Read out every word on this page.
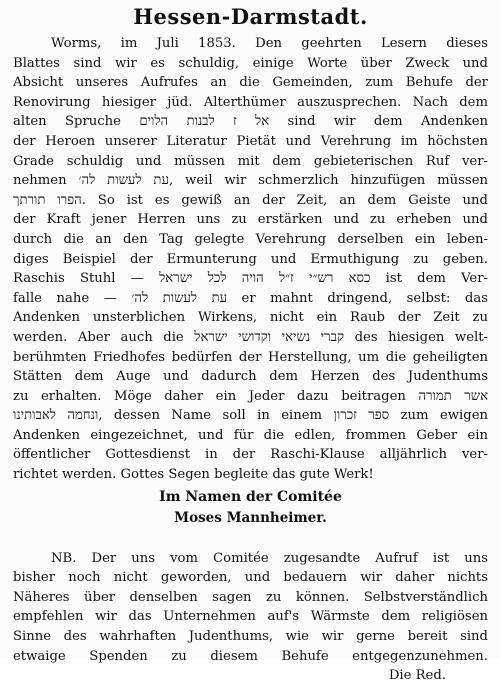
Hessen-Darmstadt.
Worms, im Juli 1853. Den geehrten Lesern dieses
Blattes sind wir es schuldig, einige Worte über Zweck und
Absicht unseres Aufrufes an die Gemeinden, zum Behufe der
Renovirung hiesiger jüd. Alterthümer auszusprechen. Nach dem
alten Spruche אל ז לבנות הלוים sind wir dem Andenken
der Heroen unserer Literatur Pietät und Verehrung im höchsten
Grade schuldig und müssen mit dem gebieterischen Ruf ver-
nehmen עת לעשות לה׳, weil wir schmerzlich hinzufügen müssen
הפרו תורתך. So ist es gewiß an der Zeit, an dem Geiste und
der Kraft jener Herren uns zu erstärken und zu erheben und
durch die an den Tag gelegte Verehrung derselben ein leben-
diges Beispiel der Ermunterung und Ermuthigung zu geben.
Raschis Stuhl — כסא רש״י ז״ל הויה לכל ישראל ist dem Ver-
falle nahe — עת לעשות לה׳ er mahnt dringend, selbst: das
Andenken unsterblichen Wirkens, nicht ein Raub der Zeit zu
werden. Aber auch die קברי נשיאי וקדושי ישראל des hiesigen welt-
berühmten Friedhofes bedürfen der Herstellung, um die geheiligten
Stätten dem Auge und dadurch dem Herzen des Judenthums
zu erhalten. Möge daher ein Jeder dazu beitragen אשר תמורה
ונחמה לאבותינו, dessen Name soll in einem ספר זכרון zum ewigen
Andenken eingezeichnet, und für die edlen, frommen Geber ein
öffentlicher Gottesdienst in der Raschi-Klause alljährlich ver-
richtet werden. Gottes Segen begleite das gute Werk!
Im Namen der Comitée
Moses Mannheimer.
NB. Der uns vom Comitée zugesandte Aufruf ist uns
bisher noch nicht geworden, und bedauern wir daher nichts
Näheres über denselben sagen zu können. Selbstverständlich
empfehlen wir das Unternehmen auf's Wärmste dem religiösen
Sinne des wahrhaften Judenthums, wie wir gerne bereit sind
etwaige Spenden zu diesem Behufe entgegenzunehmen.
Die Red.
